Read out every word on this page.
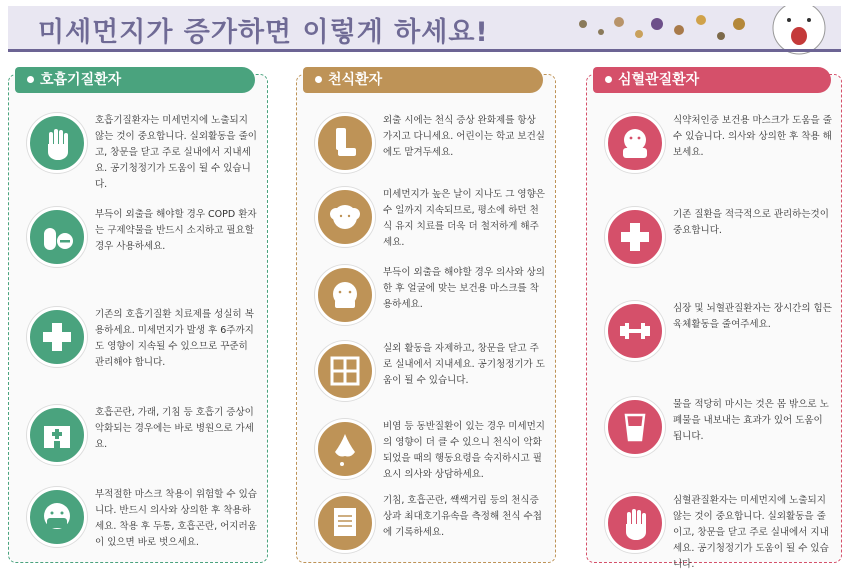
미세먼지가 증가하면 이렇게 하세요!
호흡기질환자
호흡기질환자는 미세먼지에 노출되지 않는 것이 중요합니다. 실외활동을 줄이고, 창문을 닫고 주로 실내에서 지내세요. 공기청정기가 도움이 될 수 있습니다.
부득이 외출을 해야할 경우 COPD 환자는 구제약물을 반드시 소지하고 필요할 경우 사용하세요.
기존의 호흡기질환 치료제를 성실히 복용하세요. 미세먼지가 발생 후 6주까지도 영향이 지속될 수 있으므로 꾸준히 관리해야 합니다.
호흡곤란, 가래, 기침 등 호흡기 증상이 악화되는 경우에는 바로 병원으로 가세요.
부적절한 마스크 착용이 위험할 수 있습니다. 반드시 의사와 상의한 후 착용하세요. 착용 후 두통, 호흡곤란, 어지러움이 있으면 바로 벗으세요.
천식환자
외출 시에는 천식 증상 완화제를 항상 가지고 다니세요. 어린이는 학교 보건실에도 맡겨두세요.
미세먼지가 높은 날이 지나도 그 영향은 수 일까지 지속되므로, 평소에 하던 천식 유지 치료를 더욱 더 철저하게 해주세요.
부득이 외출을 해야할 경우 의사와 상의한 후 얼굴에 맞는 보건용 마스크를 착용하세요.
실외 활동을 자제하고, 창문을 닫고 주로 실내에서 지내세요. 공기청정기가 도움이 될 수 있습니다.
비염 등 동반질환이 있는 경우 미세먼지의 영향이 더 클 수 있으니 천식이 악화되었을 때의 행동요령을 숙지하시고 필요시 의사와 상담하세요.
기침, 호흡곤란, 쌕쌕거림 등의 천식증상과 최대호기유속을 측정해 천식 수첩에 기록하세요.
심혈관질환자
식약처인증 보건용 마스크가 도움을 줄 수 있습니다. 의사와 상의한 후 착용 해보세요.
기존 질환을 적극적으로 관리하는것이 중요합니다.
심장 및 뇌혈관질환자는 장시간의 힘든 육체활동을 줄여주세요.
물을 적당히 마시는 것은 몸 밖으로 노폐물을 내보내는 효과가 있어 도움이 됩니다.
심혈관질환자는 미세먼지에 노출되지 않는 것이 중요합니다. 실외활동을 줄이고, 창문을 닫고 주로 실내에서 지내세요. 공기청정기가 도움이 될 수 있습니다.
